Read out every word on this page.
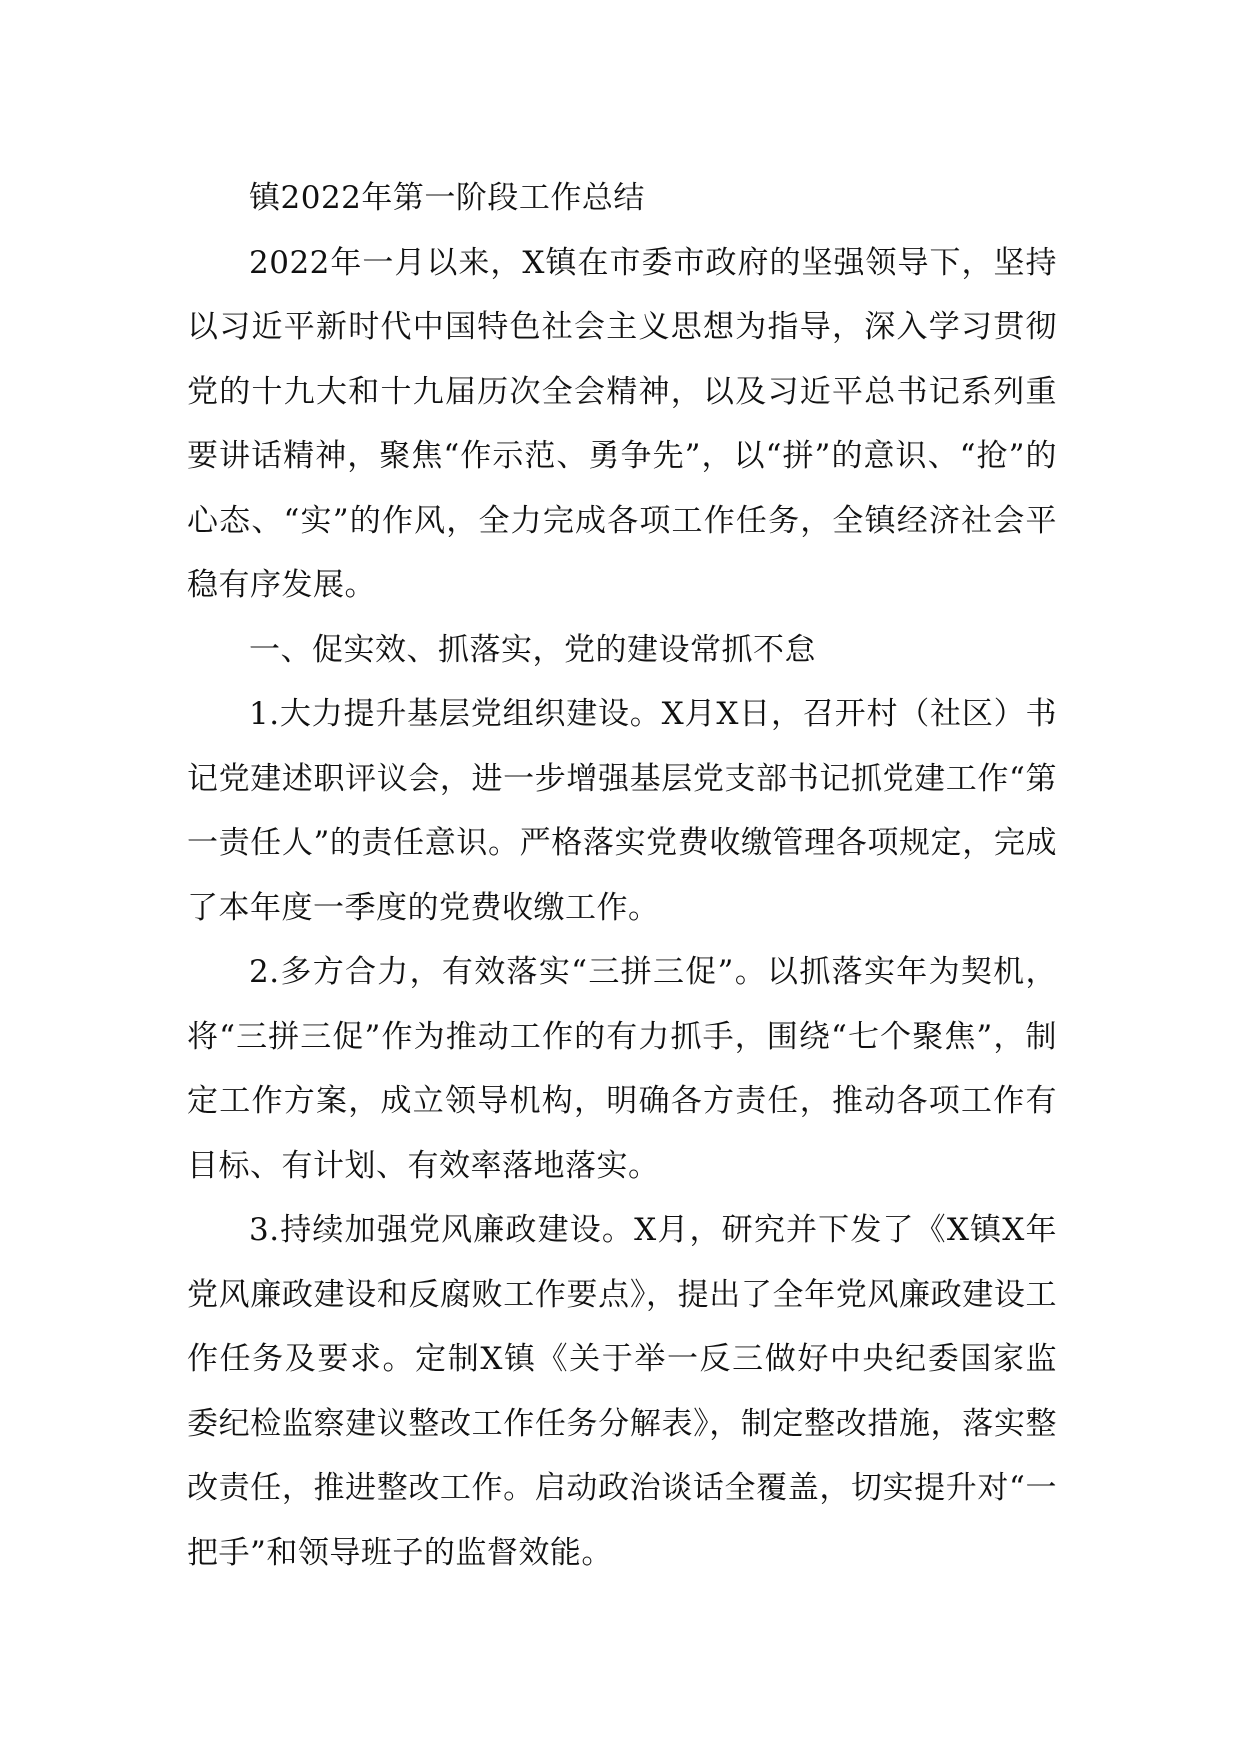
镇2022年第一阶段工作总结

2022年一月以来，X镇在市委市政府的坚强领导下，坚持以习近平新时代中国特色社会主义思想为指导，深入学习贯彻党的十九大和十九届历次全会精神，以及习近平总书记系列重要讲话精神，聚焦“作示范、勇争先”，以“拼”的意识、“抢”的心态、“实”的作风，全力完成各项工作任务，全镇经济社会平稳有序发展。

一、促实效、抓落实，党的建设常抓不怠

1.大力提升基层党组织建设。X月X日，召开村（社区）书记党建述职评议会，进一步增强基层党支部书记抓党建工作“第一责任人”的责任意识。严格落实党费收缴管理各项规定，完成了本年度一季度的党费收缴工作。

2.多方合力，有效落实“三拼三促”。以抓落实年为契机，将“三拼三促”作为推动工作的有力抓手，围绕“七个聚焦”，制定工作方案，成立领导机构，明确各方责任，推动各项工作有目标、有计划、有效率落地落实。

3.持续加强党风廉政建设。X月，研究并下发了《X镇X年党风廉政建设和反腐败工作要点》，提出了全年党风廉政建设工作任务及要求。定制X镇《关于举一反三做好中央纪委国家监委纪检监察建议整改工作任务分解表》，制定整改措施，落实整改责任，推进整改工作。启动政治谈话全覆盖，切实提升对“一把手”和领导班子的监督效能。
